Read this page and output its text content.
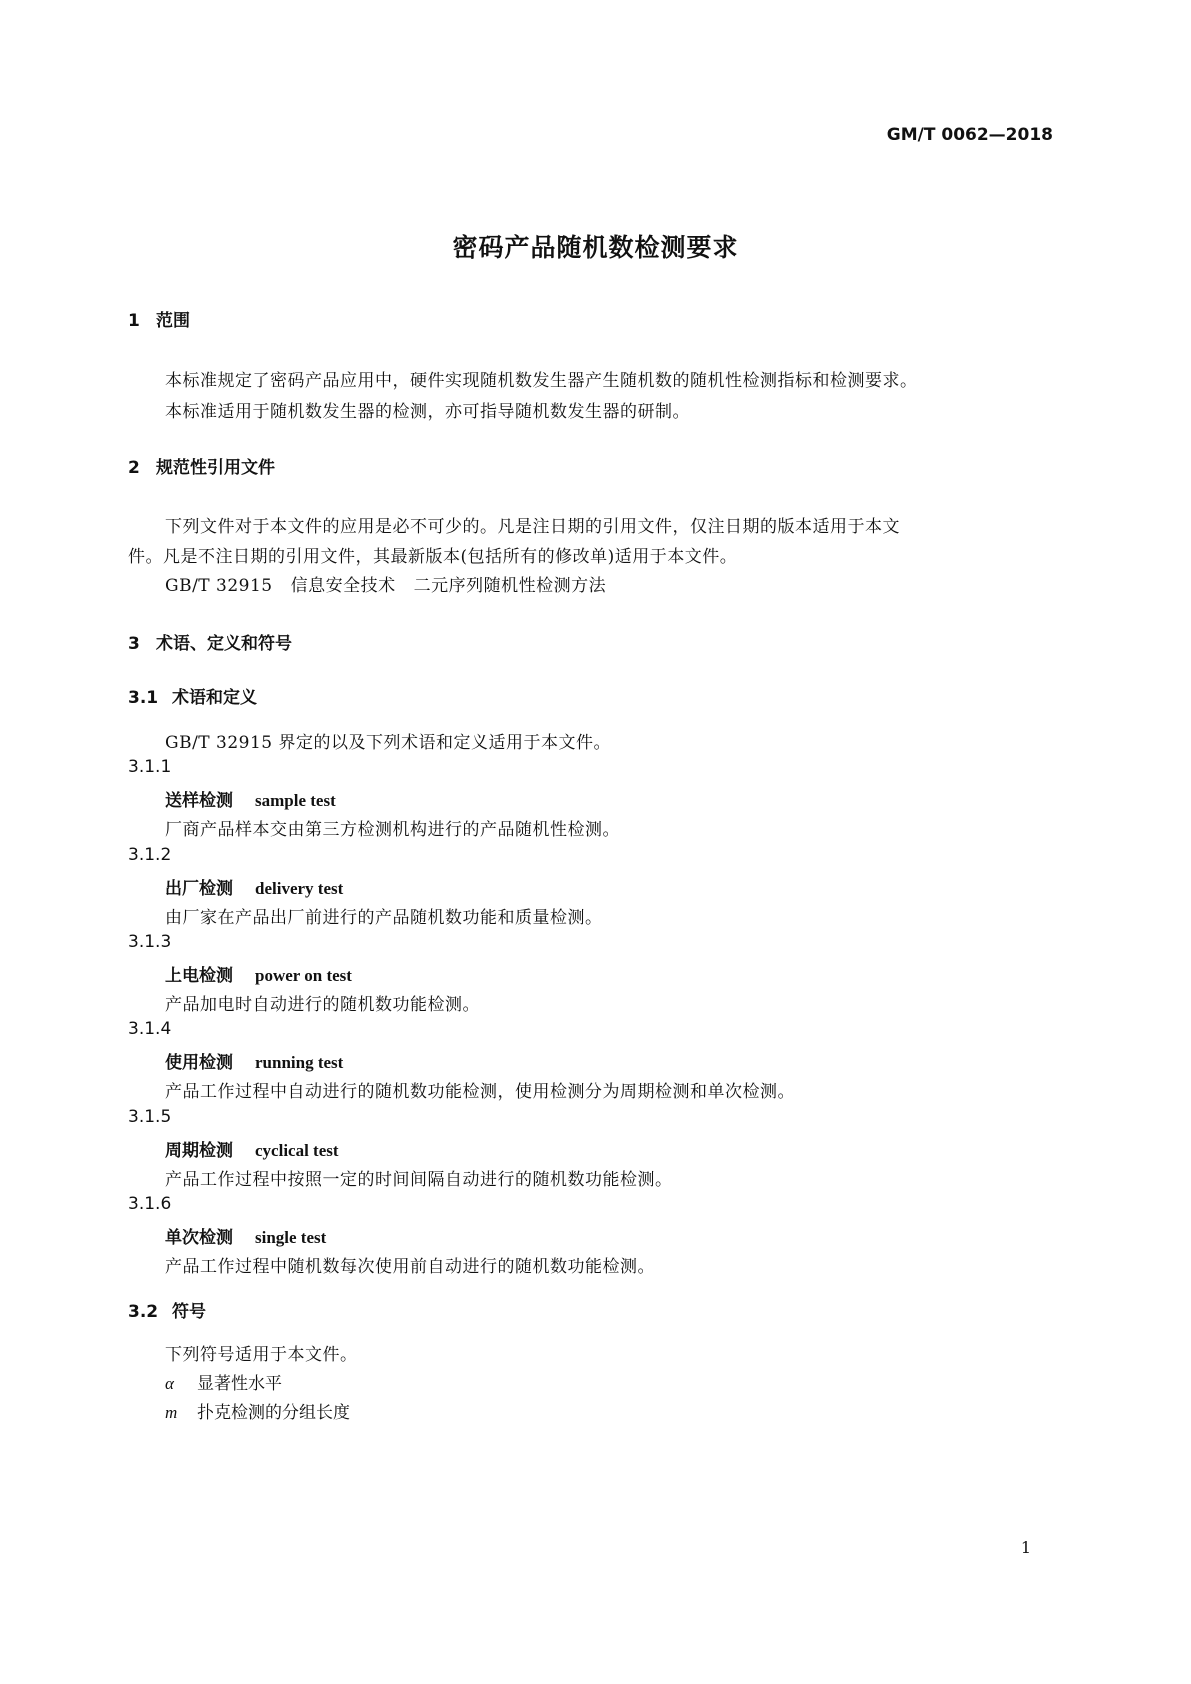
GM/T 0062—2018
密码产品随机数检测要求
1 范围
本标准规定了密码产品应用中，硬件实现随机数发生器产生随机数的随机性检测指标和检测要求。
本标准适用于随机数发生器的检测，亦可指导随机数发生器的研制。
2 规范性引用文件
下列文件对于本文件的应用是必不可少的。凡是注日期的引用文件，仅注日期的版本适用于本文
件。凡是不注日期的引用文件，其最新版本(包括所有的修改单)适用于本文件。
GB/T 32915 信息安全技术 二元序列随机性检测方法
3 术语、定义和符号
3.1 术语和定义
GB/T 32915 界定的以及下列术语和定义适用于本文件。
3.1.1
送样检测 sample test
厂商产品样本交由第三方检测机构进行的产品随机性检测。
3.1.2
出厂检测 delivery test
由厂家在产品出厂前进行的产品随机数功能和质量检测。
3.1.3
上电检测 power on test
产品加电时自动进行的随机数功能检测。
3.1.4
使用检测 running test
产品工作过程中自动进行的随机数功能检测，使用检测分为周期检测和单次检测。
3.1.5
周期检测 cyclical test
产品工作过程中按照一定的时间间隔自动进行的随机数功能检测。
3.1.6
单次检测 single test
产品工作过程中随机数每次使用前自动进行的随机数功能检测。
3.2 符号
下列符号适用于本文件。
α 显著性水平
m 扑克检测的分组长度
1
